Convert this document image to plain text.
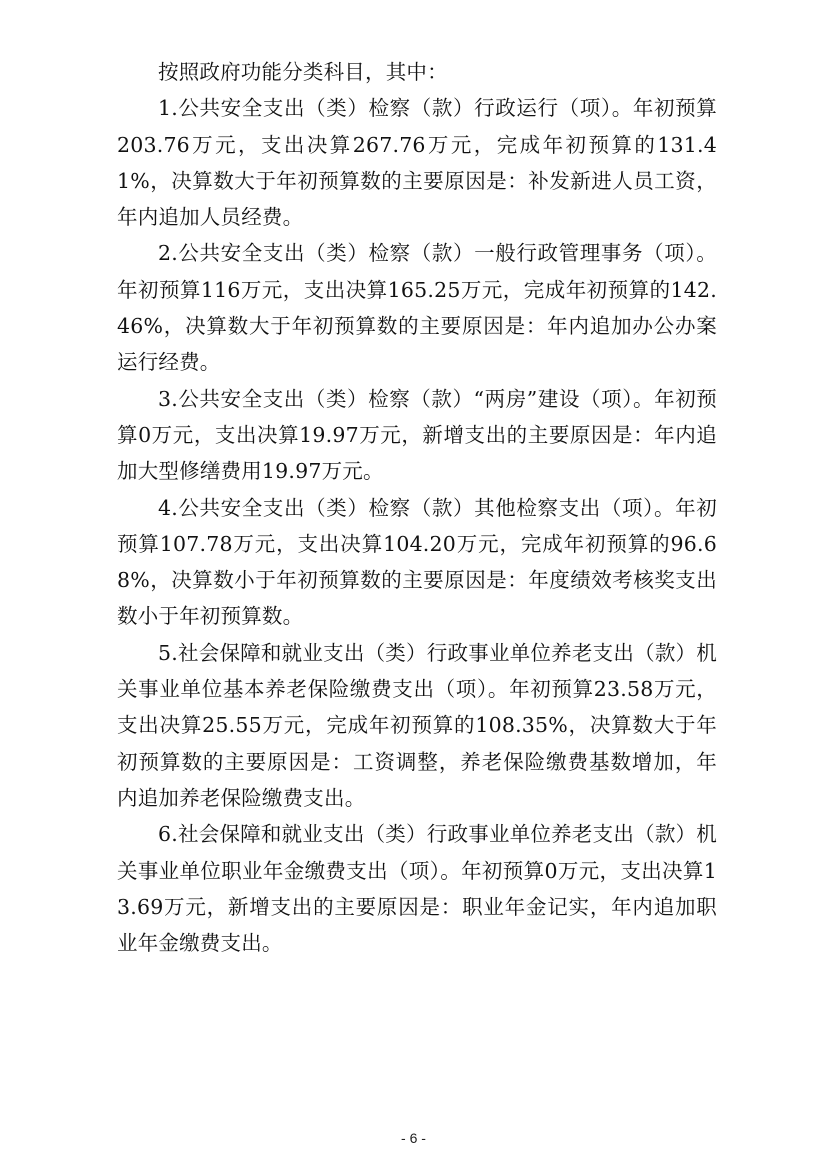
按照政府功能分类科目，其中：

1.公共安全支出（类）检察（款）行政运行（项）。年初预算203.76万元，支出决算267.76万元，完成年初预算的131.41%，决算数大于年初预算数的主要原因是：补发新进人员工资，年内追加人员经费。

2.公共安全支出（类）检察（款）一般行政管理事务（项）。年初预算116万元，支出决算165.25万元，完成年初预算的142.46%，决算数大于年初预算数的主要原因是：年内追加办公办案运行经费。

3.公共安全支出（类）检察（款）“两房”建设（项）。年初预算0万元，支出决算19.97万元，新增支出的主要原因是：年内追加大型修缮费用19.97万元。

4.公共安全支出（类）检察（款）其他检察支出（项）。年初预算107.78万元，支出决算104.20万元，完成年初预算的96.68%，决算数小于年初预算数的主要原因是：年度绩效考核奖支出数小于年初预算数。

5.社会保障和就业支出（类）行政事业单位养老支出（款）机关事业单位基本养老保险缴费支出（项）。年初预算23.58万元，支出决算25.55万元，完成年初预算的108.35%，决算数大于年初预算数的主要原因是：工资调整，养老保险缴费基数增加，年内追加养老保险缴费支出。

6.社会保障和就业支出（类）行政事业单位养老支出（款）机关事业单位职业年金缴费支出（项）。年初预算0万元，支出决算13.69万元，新增支出的主要原因是：职业年金记实，年内追加职业年金缴费支出。

- 6 -
